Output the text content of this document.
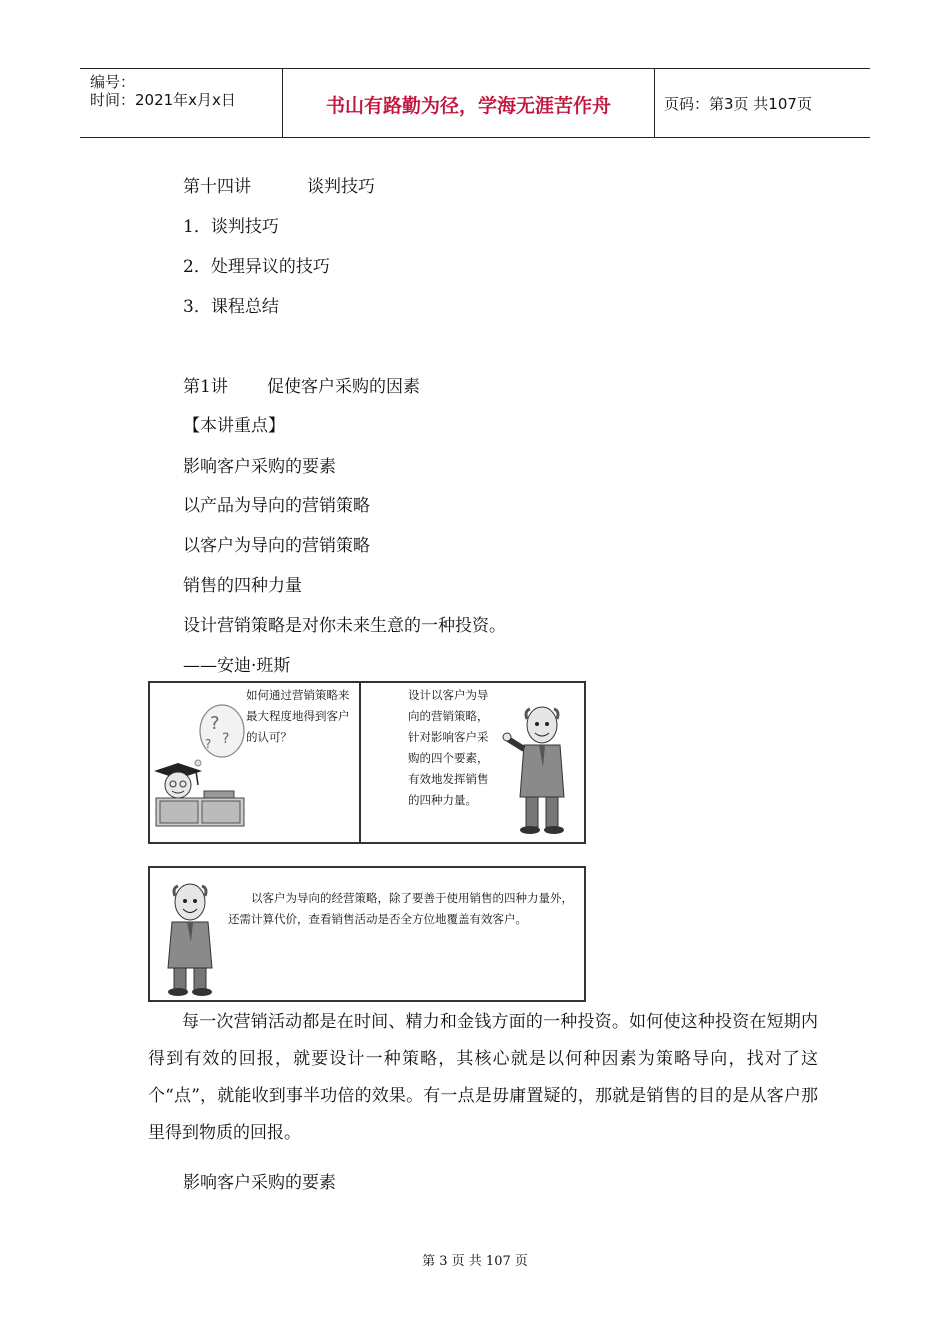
编号：
时间：2021年x月x日	书山有路勤为径，学海无涯苦作舟	页码：第3页 共107页
第十四讲	谈判技巧
1．谈判技巧
2．处理异议的技巧
3．课程总结
第1讲 促使客户采购的因素
【本讲重点】
影响客户采购的要素
以产品为导向的营销策略
以客户为导向的营销策略
销售的四种力量
设计营销策略是对你未来生意的一种投资。
——安迪·班斯
?
?
?
如何通过营销策略来最大程度地得到客户的认可？
设计以客户为导向的营销策略，针对影响客户采购的四个要素，有效地发挥销售的四种力量。
以客户为导向的经营策略，除了要善于使用销售的四种力量外，还需计算代价，查看销售活动是否全方位地覆盖有效客户。
每一次营销活动都是在时间、精力和金钱方面的一种投资。如何使这种投资在短期内得到有效的回报，就要设计一种策略，其核心就是以何种因素为策略导向，找对了这个“点”，就能收到事半功倍的效果。有一点是毋庸置疑的，那就是销售的目的是从客户那里得到物质的回报。
影响客户采购的要素
第 3 页 共 107 页
